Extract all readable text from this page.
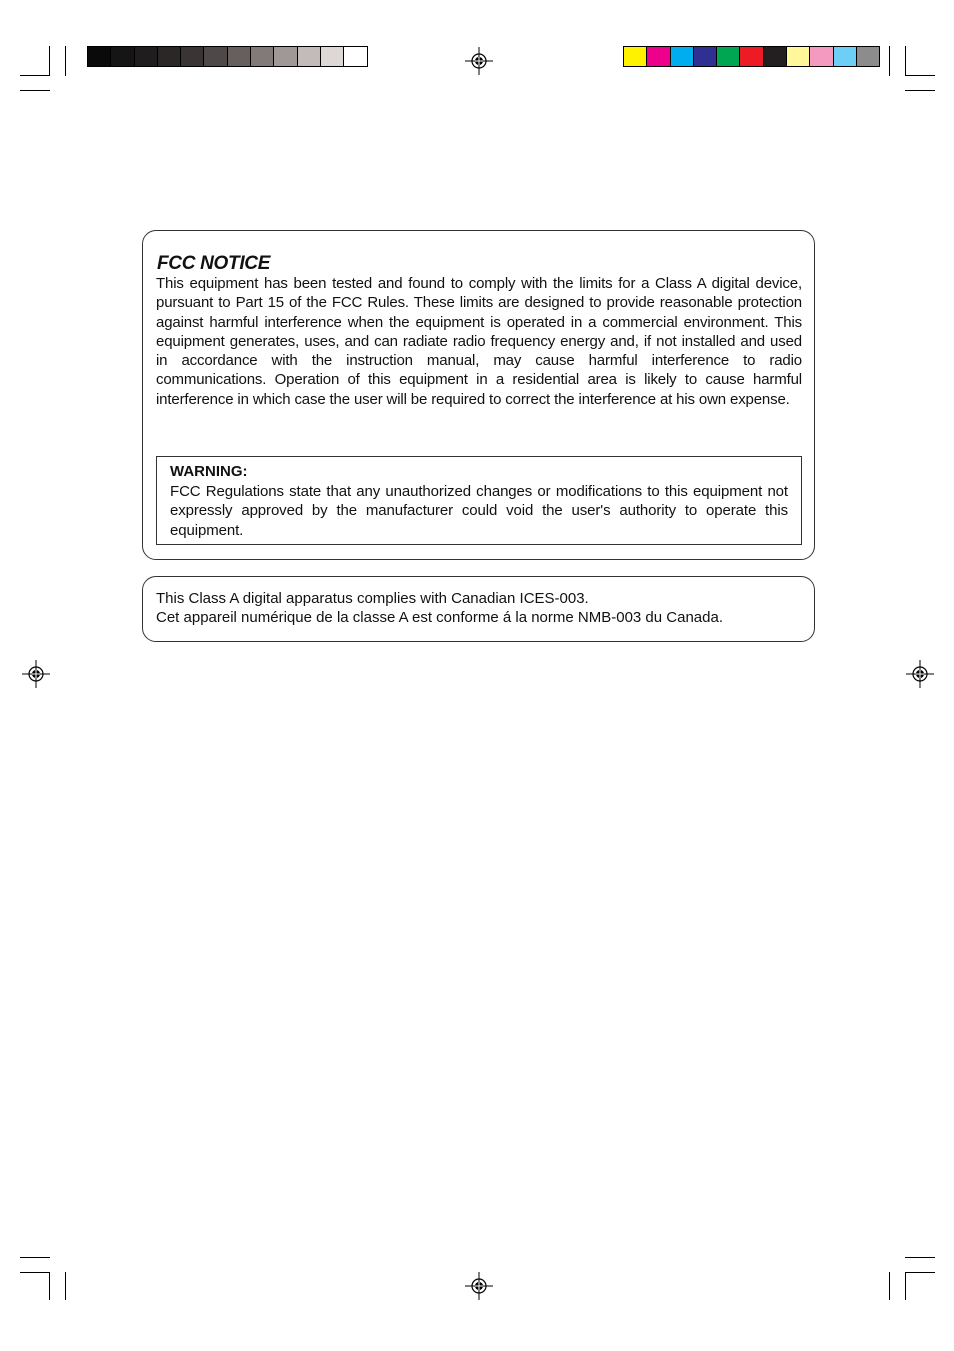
FCC NOTICE
This equipment has been tested and found to comply with the limits for a Class A digital device, pursuant to Part 15 of the FCC Rules. These limits are designed to provide reasonable protection against harmful interference when the equipment is operated in a commercial environment. This equipment generates, uses, and can radiate radio frequency energy and, if not installed and used in accordance with the instruction manual, may cause harmful interference to radio communications. Operation of this equipment in a residential area is likely to cause harmful interference in which case the user will be required to correct the interference at his own expense.
WARNING:
FCC Regulations state that any unauthorized changes or modifications to this equipment not expressly approved by the manufacturer could void the user's authority to operate this equipment.
This Class A digital apparatus complies with Canadian ICES-003.
Cet appareil numérique de la classe A est conforme á la norme NMB-003 du Canada.
